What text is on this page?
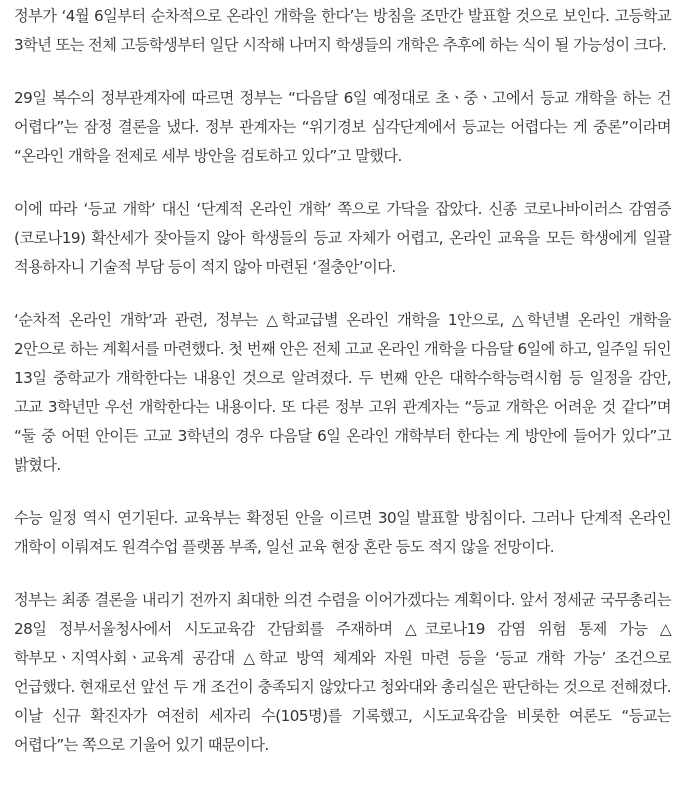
정부가 ‘4월 6일부터 순차적으로 온라인 개학을 한다’는 방침을 조만간 발표할 것으로 보인다. 고등학교 3학년 또는 전체 고등학생부터 일단 시작해 나머지 학생들의 개학은 추후에 하는 식이 될 가능성이 크다.

29일 복수의 정부관계자에 따르면 정부는 “다음달 6일 예정대로 초ㆍ중ㆍ고에서 등교 개학을 하는 건 어렵다”는 잠정 결론을 냈다. 정부 관계자는 “위기경보 심각단계에서 등교는 어렵다는 게 중론”이라며 “온라인 개학을 전제로 세부 방안을 검토하고 있다”고 말했다.

이에 따라 ‘등교 개학’ 대신 ‘단계적 온라인 개학’ 쪽으로 가닥을 잡았다. 신종 코로나바이러스 감염증(코로나19) 확산세가 잦아들지 않아 학생들의 등교 자체가 어렵고, 온라인 교육을 모든 학생에게 일괄 적용하자니 기술적 부담 등이 적지 않아 마련된 ‘절충안’이다.

‘순차적 온라인 개학’과 관련, 정부는 △학교급별 온라인 개학을 1안으로, △학년별 온라인 개학을 2안으로 하는 계획서를 마련했다. 첫 번째 안은 전체 고교 온라인 개학을 다음달 6일에 하고, 일주일 뒤인 13일 중학교가 개학한다는 내용인 것으로 알려졌다. 두 번째 안은 대학수학능력시험 등 일정을 감안, 고교 3학년만 우선 개학한다는 내용이다. 또 다른 정부 고위 관계자는 “등교 개학은 어려운 것 같다”며 “둘 중 어떤 안이든 고교 3학년의 경우 다음달 6일 온라인 개학부터 한다는 게 방안에 들어가 있다”고 밝혔다.

수능 일정 역시 연기된다. 교육부는 확정된 안을 이르면 30일 발표할 방침이다. 그러나 단계적 온라인 개학이 이뤄져도 원격수업 플랫폼 부족, 일선 교육 현장 혼란 등도 적지 않을 전망이다.

정부는 최종 결론을 내리기 전까지 최대한 의견 수렴을 이어가겠다는 계획이다. 앞서 정세균 국무총리는 28일 정부서울청사에서 시도교육감 간담회를 주재하며 △코로나19 감염 위험 통제 가능 △학부모ㆍ지역사회ㆍ교육계 공감대 △학교 방역 체계와 자원 마련 등을 ‘등교 개학 가능’ 조건으로 언급했다. 현재로선 앞선 두 개 조건이 충족되지 않았다고 청와대와 총리실은 판단하는 것으로 전해졌다. 이날 신규 확진자가 여전히 세자리 수(105명)를 기록했고, 시도교육감을 비롯한 여론도 “등교는 어렵다”는 쪽으로 기울어 있기 때문이다.
